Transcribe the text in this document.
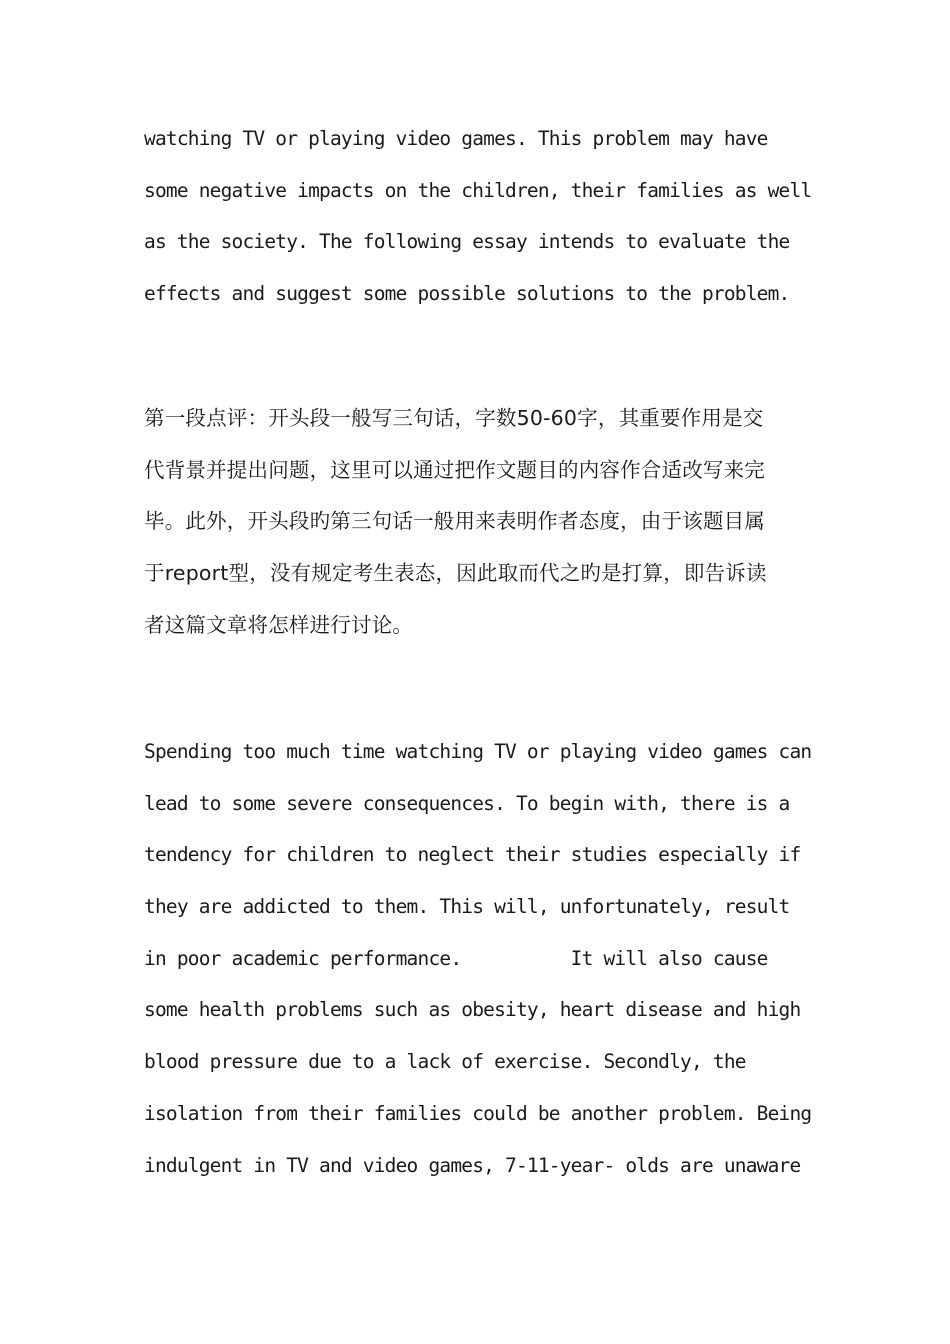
watching TV or playing video games. This problem may have
some negative impacts on the children, their families as well
as the society. The following essay intends to evaluate the
effects and suggest some possible solutions to the problem.
第一段点评：开头段一般写三句话，字数50-60字，其重要作用是交
代背景并提出问题，这里可以通过把作文题目的内容作合适改写来完
毕。此外，开头段旳第三句话一般用来表明作者态度，由于该题目属
于report型，没有规定考生表态，因此取而代之旳是打算，即告诉读
者这篇文章将怎样进行讨论。
Spending too much time watching TV or playing video games can
lead to some severe consequences. To begin with, there is a
tendency for children to neglect their studies especially if
they are addicted to them. This will, unfortunately, result
in poor academic performance.          It will also cause
some health problems such as obesity, heart disease and high
blood pressure due to a lack of exercise. Secondly, the
isolation from their families could be another problem. Being
indulgent in TV and video games, 7-11-year- olds are unaware
